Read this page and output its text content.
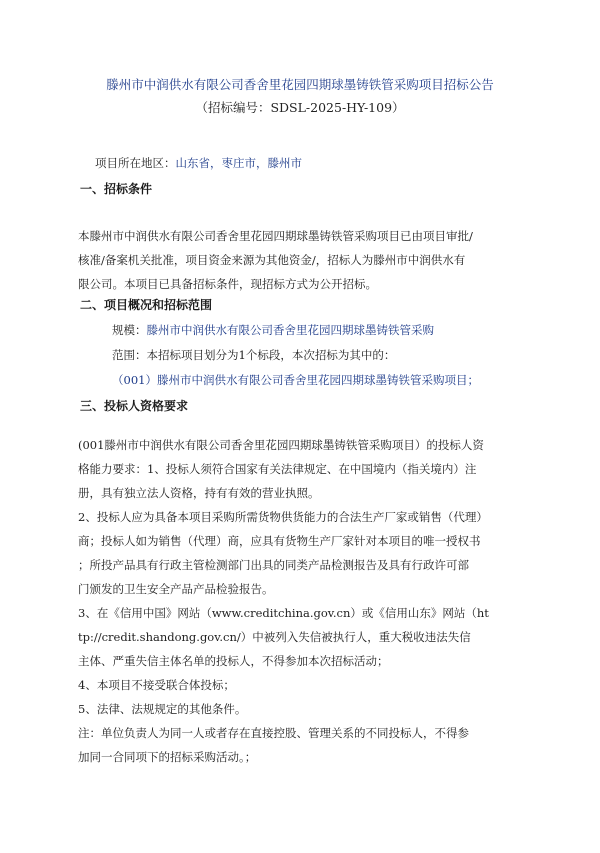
滕州市中润供水有限公司香舍里花园四期球墨铸铁管采购项目招标公告
（招标编号：SDSL-2025-HY-109）
项目所在地区：山东省，枣庄市，滕州市
一、招标条件

本滕州市中润供水有限公司香舍里花园四期球墨铸铁管采购项目已由项目审批/

核准/备案机关批准，项目资金来源为其他资金/，招标人为滕州市中润供水有

限公司。本项目已具备招标条件，现招标方式为公开招标。

二、项目概况和招标范围
规模：滕州市中润供水有限公司香舍里花园四期球墨铸铁管采购
范围：本招标项目划分为1个标段，本次招标为其中的：
（001）滕州市中润供水有限公司香舍里花园四期球墨铸铁管采购项目；
三、投标人资格要求

(001滕州市中润供水有限公司香舍里花园四期球墨铸铁管采购项目）的投标人资

格能力要求：1、投标人须符合国家有关法律规定、在中国境内（指关境内）注

册，具有独立法人资格，持有有效的营业执照。

2、投标人应为具备本项目采购所需货物供货能力的合法生产厂家或销售（代理）

商；投标人如为销售（代理）商，应具有货物生产厂家针对本项目的唯一授权书

；所投产品具有行政主管检测部门出具的同类产品检测报告及具有行政许可部

门颁发的卫生安全产品产品检验报告。

3、在《信用中国》网站（www.creditchina.gov.cn）或《信用山东》网站（ht

tp://credit.shandong.gov.cn/）中被列入失信被执行人，重大税收违法失信

主体、严重失信主体名单的投标人，不得参加本次招标活动；

4、本项目不接受联合体投标；

5、法律、法规规定的其他条件。

注：单位负责人为同一人或者存在直接控股、管理关系的不同投标人，不得参

加同一合同项下的招标采购活动。；
